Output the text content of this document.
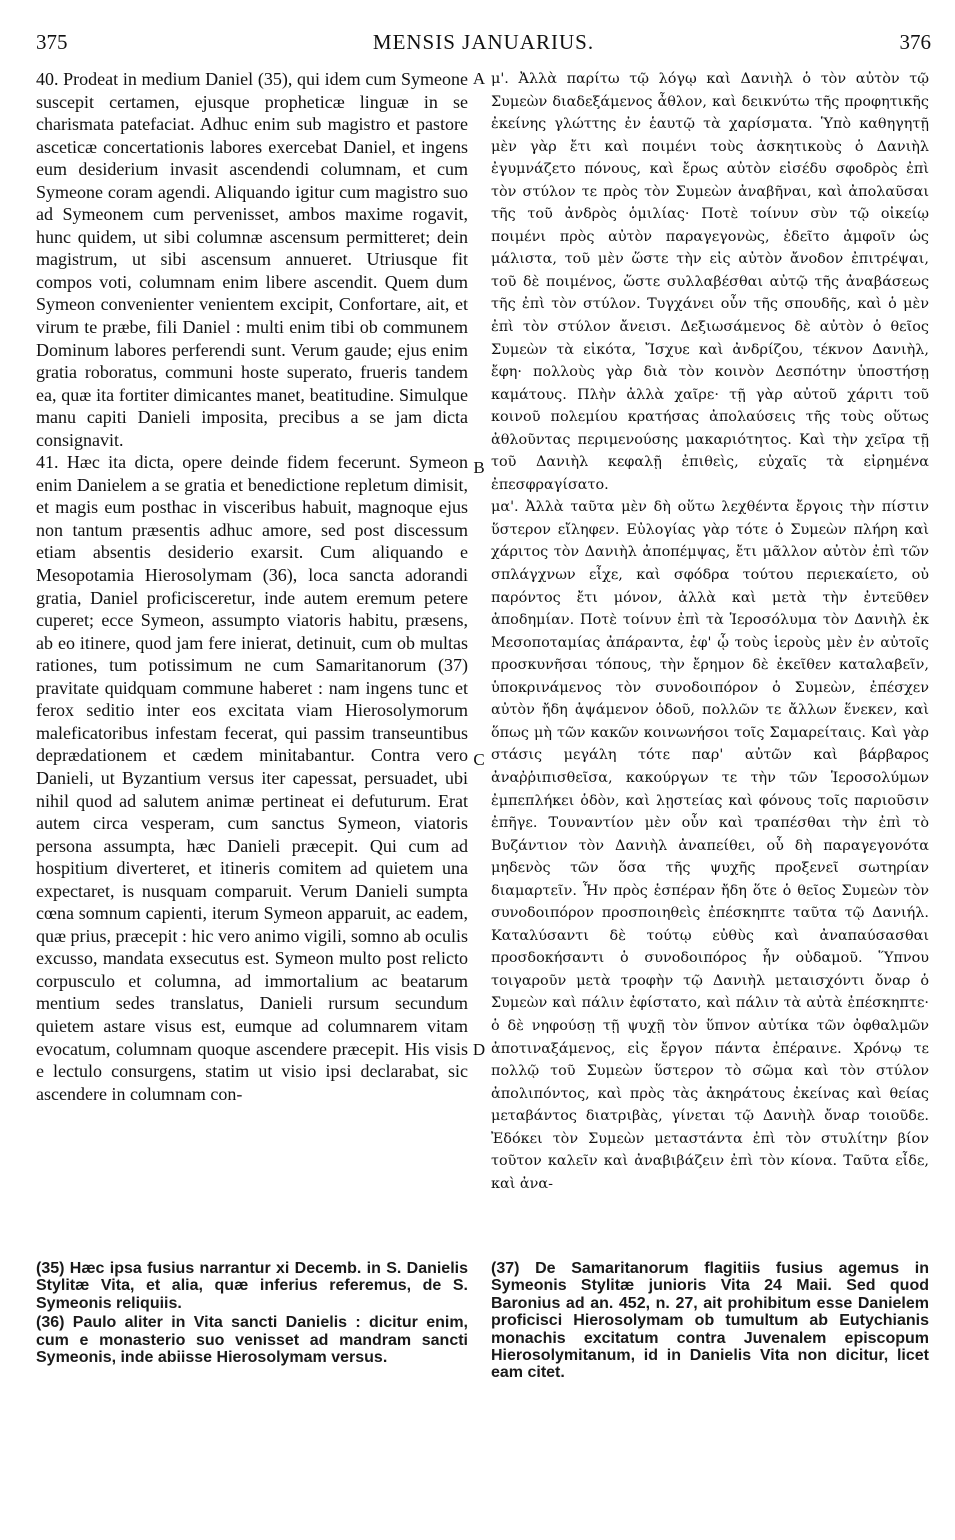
375	MENSIS JANUARIUS.	376

40. Prodeat in medium Daniel (35), qui idem cum Symeone suscepit certamen, ejusque propheticæ linguæ in se charismata patefaciat. Adhuc enim sub magistro et pastore asceticæ concertationis labores exercebat Daniel, et ingens eum desiderium invasit ascendendi columnam, et cum Symeone coram agendi. Aliquando igitur cum magistro suo ad Symeonem cum pervenisset, ambos maxime rogavit, hunc quidem, ut sibi columnæ ascensum permitteret; dein magistrum, ut sibi ascensum annueret. Utriusque fit compos voti, columnam enim libere ascendit. Quem dum Symeon convenienter venientem excipit, Confortare, ait, et virum te præbe, fili Daniel : multi enim tibi ob communem Dominum labores perferendi sunt. Verum gaude; ejus enim gratia roboratus, communi hoste superato, frueris tandem ea, quæ ita fortiter dimicantes manet, beatitudine. Simulque manu capiti Danieli imposita, precibus a se jam dicta consignavit.

41. Hæc ita dicta, opere deinde fidem fecerunt. Symeon enim Danielem a se gratia et benedictione repletum dimisit, et magis eum posthac in visceribus habuit, magnoque ejus non tantum præsentis adhuc amore, sed post discessum etiam absentis desiderio exarsit. Cum aliquando e Mesopotamia Hierosolymam (36), loca sancta adorandi gratia, Daniel proficisceretur, inde autem eremum petere cuperet; ecce Symeon, assumpto viatoris habitu, præsens, ab eo itinere, quod jam fere inierat, detinuit, cum ob multas rationes, tum potissimum ne cum Samaritanorum (37) pravitate quidquam commune haberet : nam ingens tunc et ferox seditio inter eos excitata viam Hierosolymorum maleficatoribus infestam fecerat, qui passim transeuntibus deprædationem et cædem minitabantur. Contra vero Danieli, ut Byzantium versus iter capessat, persuadet, ubi nihil quod ad salutem animæ pertineat ei defuturum. Erat autem circa vesperam, cum sanctus Symeon, viatoris persona assumpta, hæc Danieli præcepit. Qui cum ad hospitium diverteret, et itineris comitem ad quietem una expectaret, is nusquam comparuit. Verum Danieli sumpta cœna somnum capienti, iterum Symeon apparuit, ac eadem, quæ prius, præcepit : hic vero animo vigili, somno ab oculis excusso, mandata exsecutus est. Symeon multo post relicto corpusculo et columna, ad immortalium ac beatarum mentium sedes translatus, Danieli rursum secundum quietem astare visus est, eumque ad columnarem vitam evocatum, columnam quoque ascendere præcepit. His visis e lectulo consurgens, statim ut visio ipsi declarabat, sic ascendere in columnam con-

A
B
C
D

μ'. Ἀλλὰ παρίτω τῷ λόγῳ καὶ Δανιὴλ ὁ τὸν αὐτὸν τῷ Συμεὼν διαδεξάμενος ἆθλον, καὶ δεικνύτω τῆς προφητικῆς ἐκείνης γλώττης ἐν ἑαυτῷ τὰ χαρίσματα. Ὑπὸ καθηγητῇ μὲν γὰρ ἔτι καὶ ποιμένι τοὺς ἀσκητικοὺς ὁ Δανιὴλ ἐγυμνάζετο πόνους, καὶ ἔρως αὐτὸν εἰσέδυ σφοδρὸς ἐπὶ τὸν στύλον τε πρὸς τὸν Συμεὼν ἀναβῆναι, καὶ ἀπολαῦσαι τῆς τοῦ ἀνδρὸς ὁμιλίας· Ποτὲ τοίνυν σὺν τῷ οἰκείῳ ποιμένι πρὸς αὐτὸν παραγεγονὼς, ἐδεῖτο ἀμφοῖν ὡς μάλιστα, τοῦ μὲν ὥστε τὴν εἰς αὐτὸν ἄνοδον ἐπιτρέψαι, τοῦ δὲ ποιμένος, ὥστε συλλαβέσθαι αὐτῷ τῆς ἀναβάσεως τῆς ἐπὶ τὸν στύλον. Τυγχάνει οὖν τῆς σπουδῆς, καὶ ὁ μὲν ἐπὶ τὸν στύλον ἄνεισι. Δεξιωσάμενος δὲ αὐτὸν ὁ θεῖος Συμεὼν τὰ εἰκότα, Ἴσχυε καὶ ἀνδρίζου, τέκνον Δανιὴλ, ἔφη· πολλοὺς γὰρ διὰ τὸν κοινὸν Δεσπότην ὑποστήσῃ καμάτους. Πλὴν ἀλλὰ χαῖρε· τῇ γὰρ αὐτοῦ χάριτι τοῦ κοινοῦ πολεμίου κρατήσας ἀπολαύσεις τῆς τοὺς οὕτως ἀθλοῦντας περιμενούσης μακαριότητος. Καὶ τὴν χεῖρα τῇ τοῦ Δανιὴλ κεφαλῇ ἐπιθεὶς, εὐχαῖς τὰ εἰρημένα ἐπεσφραγίσατο.

μα'. Ἀλλὰ ταῦτα μὲν δὴ οὕτω λεχθέντα ἔργοις τὴν πίστιν ὕστερον εἴληφεν. Εὐλογίας γὰρ τότε ὁ Συμεὼν πλήρη καὶ χάριτος τὸν Δανιὴλ ἀποπέμψας, ἔτι μᾶλλον αὐτὸν ἐπὶ τῶν σπλάγχνων εἶχε, καὶ σφόδρα τούτου περιεκαίετο, οὐ παρόντος ἔτι μόνον, ἀλλὰ καὶ μετὰ τὴν ἐντεῦθεν ἀποδημίαν. Ποτὲ τοίνυν ἐπὶ τὰ Ἱεροσόλυμα τὸν Δανιὴλ ἐκ Μεσοποταμίας ἀπάραντα, ἐφ' ᾧ τοὺς ἱεροὺς μὲν ἐν αὐτοῖς προσκυνῆσαι τόπους, τὴν ἔρημον δὲ ἐκεῖθεν καταλαβεῖν, ὑποκρινάμενος τὸν συνοδοιπόρον ὁ Συμεὼν, ἐπέσχεν αὐτὸν ἤδη ἁψάμενον ὁδοῦ, πολλῶν τε ἄλλων ἕνεκεν, καὶ ὅπως μὴ τῶν κακῶν κοινωνήσοι τοῖς Σαμαρείταις. Καὶ γὰρ στάσις μεγάλη τότε παρ' αὐτῶν καὶ βάρβαρος ἀναῤῥιπισθεῖσα, κακούργων τε τὴν τῶν Ἱεροσολύμων ἐμπεπλήκει ὁδὸν, καὶ λῃστείας καὶ φόνους τοῖς παριοῦσιν ἐπῆγε. Τουναντίον μὲν οὖν καὶ τραπέσθαι τὴν ἐπὶ τὸ Βυζάντιον τὸν Δανιὴλ ἀναπείθει, οὗ δὴ παραγεγονότα μηδενὸς τῶν ὅσα τῆς ψυχῆς προξενεῖ σωτηρίαν διαμαρτεῖν. Ἦν πρὸς ἑσπέραν ἤδη ὅτε ὁ θεῖος Συμεὼν τὸν συνοδοιπόρον προσποιηθεὶς ἐπέσκηπτε ταῦτα τῷ Δανιήλ. Καταλύσαντι δὲ τούτῳ εὐθὺς καὶ ἀναπαύσασθαι προσδοκήσαντι ὁ συνοδοιπόρος ἦν οὐδαμοῦ. Ὕπνου τοιγαροῦν μετὰ τροφὴν τῷ Δανιὴλ μεταισχόντι ὄναρ ὁ Συμεὼν καὶ πάλιν ἐφίστατο, καὶ πάλιν τὰ αὐτὰ ἐπέσκηπτε· ὁ δὲ νηφούσῃ τῇ ψυχῇ τὸν ὕπνον αὐτίκα τῶν ὀφθαλμῶν ἀποτιναξάμενος, εἰς ἔργον πάντα ἐπέραινε. Χρόνῳ τε πολλῷ τοῦ Συμεὼν ὕστερον τὸ σῶμα καὶ τὸν στύλον ἀπολιπόντος, καὶ πρὸς τὰς ἀκηράτους ἐκείνας καὶ θείας μεταβάντος διατριβὰς, γίνεται τῷ Δανιὴλ ὄναρ τοιοῦδε. Ἐδόκει τὸν Συμεὼν μεταστάντα ἐπὶ τὸν στυλίτην βίον τοῦτον καλεῖν καὶ ἀναβιβάζειν ἐπὶ τὸν κίονα. Ταῦτα εἶδε, καὶ ἀνα-

(35) Hæc ipsa fusius narrantur xi Decemb. in S. Danielis Stylitæ Vita, et alia, quæ inferius referemus, de S. Symeonis reliquiis.

(36) Paulo aliter in Vita sancti Danielis : dicitur enim, cum e monasterio suo venisset ad mandram sancti Symeonis, inde abiisse Hierosolymam versus.

(37) De Samaritanorum flagitiis fusius agemus in Symeonis Stylitæ junioris Vita 24 Maii. Sed quod Baronius ad an. 452, n. 27, ait prohibitum esse Danielem proficisci Hierosolymam ob tumultum ab Eutychianis monachis excitatum contra Juvenalem episcopum Hierosolymitanum, id in Danielis Vita non dicitur, licet eam citet.
